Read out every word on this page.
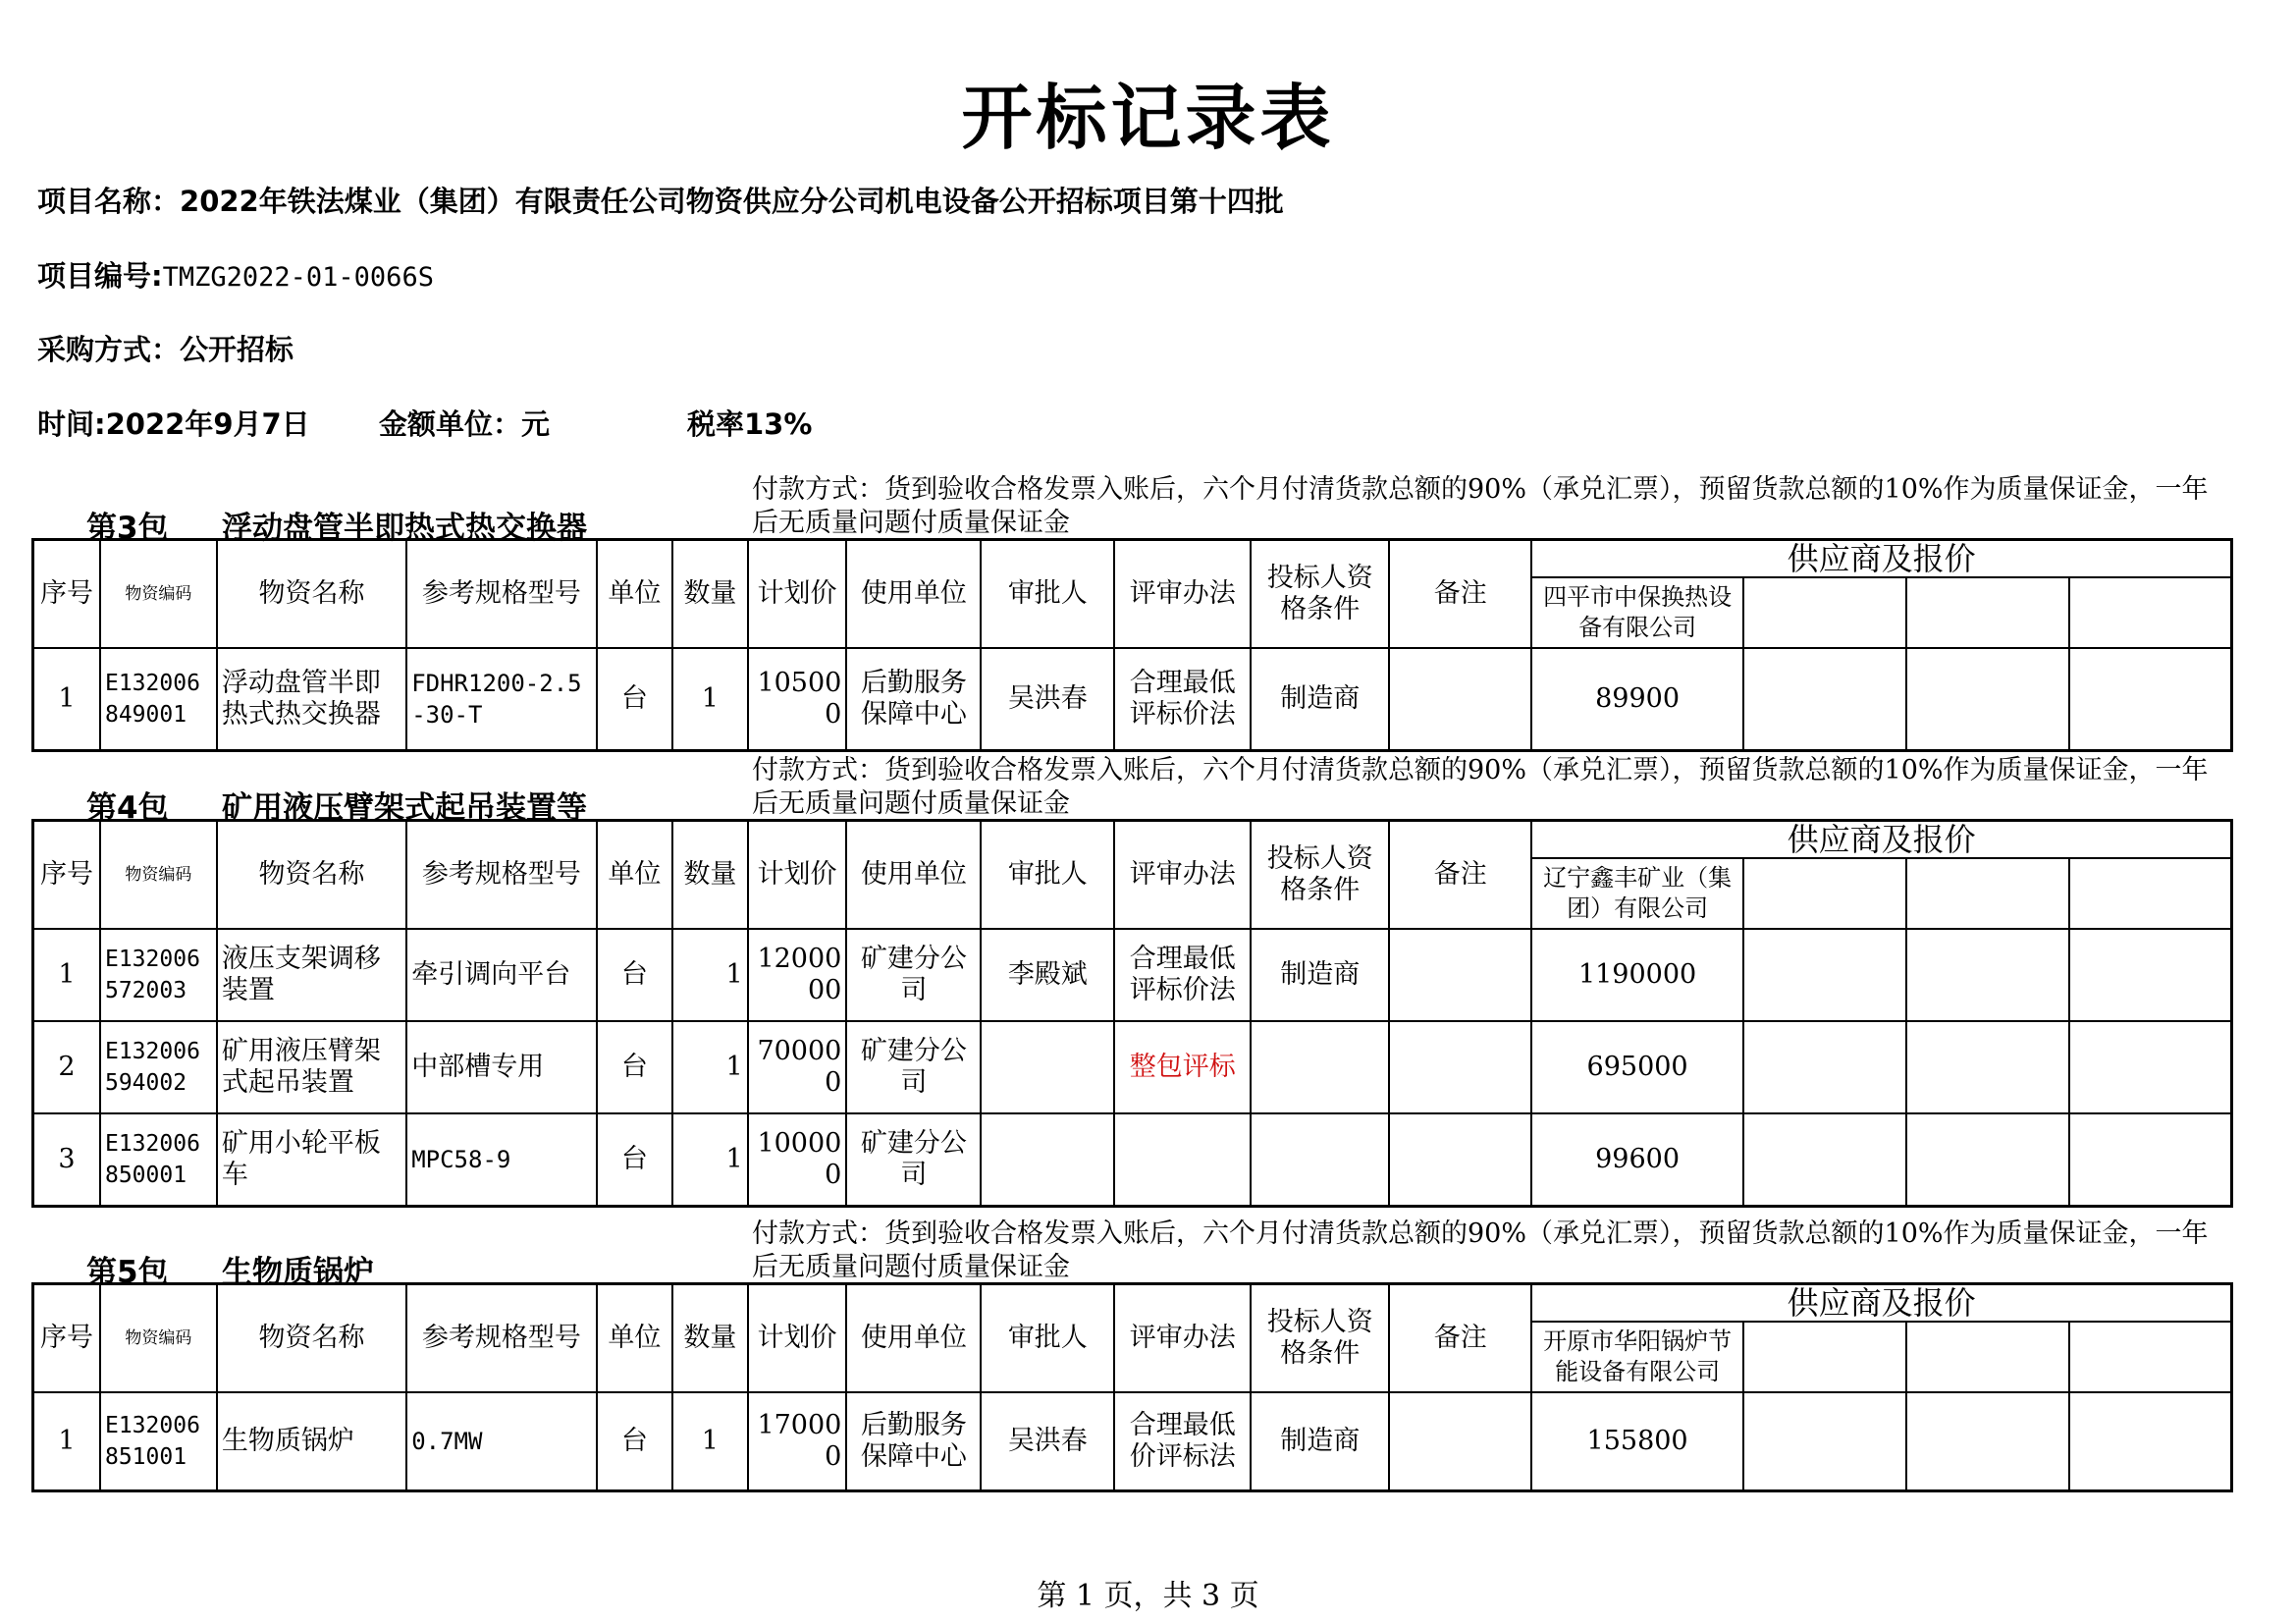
开标记录表
项目名称：2022年铁法煤业（集团）有限责任公司物资供应分公司机电设备公开招标项目第十四批
项目编号:TMZG2022-01-0066S
采购方式：公开招标
时间:2022年9月7日 金额单位：元	税率13%
第3包 浮动盘管半即热式热交换器
付款方式：货到验收合格发票入账后，六个月付清货款总额的90%（承兑汇票），预留货款总额的10%作为质量保证金，一年后无质量问题付质量保证金
序号	物资编码	物资名称	参考规格型号	单位	数量	计划价	使用单位	审批人	评审办法	投标人资格条件	备注	供应商及报价			
												四平市中保换热设备有限公司			
1	E132006849001	浮动盘管半即热式热交换器	FDHR1200-2.5-30-T	台	1	105000	后勤服务保障中心	吴洪春	合理最低评标价法	制造商		89900			
第4包 矿用液压臂架式起吊装置等
付款方式：货到验收合格发票入账后，六个月付清货款总额的90%（承兑汇票），预留货款总额的10%作为质量保证金，一年后无质量问题付质量保证金
序号	物资编码	物资名称	参考规格型号	单位	数量	计划价	使用单位	审批人	评审办法	投标人资格条件	备注	供应商及报价			
												辽宁鑫丰矿业（集团）有限公司			
1	E132006572003	液压支架调移装置	牵引调向平台	台	1	1200000	矿建分公司	李殿斌	合理最低评标价法	制造商		1190000			
2	E132006594002	矿用液压臂架式起吊装置	中部槽专用	台	1	700000	矿建分公司		整包评标			695000			
3	E132006850001	矿用小轮平板车	MPC58-9	台	1	100000	矿建分公司					99600			
第5包 生物质锅炉
付款方式：货到验收合格发票入账后，六个月付清货款总额的90%（承兑汇票），预留货款总额的10%作为质量保证金，一年后无质量问题付质量保证金
序号	物资编码	物资名称	参考规格型号	单位	数量	计划价	使用单位	审批人	评审办法	投标人资格条件	备注	供应商及报价			
												开原市华阳锅炉节能设备有限公司			
1	E132006851001	生物质锅炉	0.7MW	台	1	170000	后勤服务保障中心	吴洪春	合理最低价评标法	制造商		155800			
第 1 页，共 3 页
